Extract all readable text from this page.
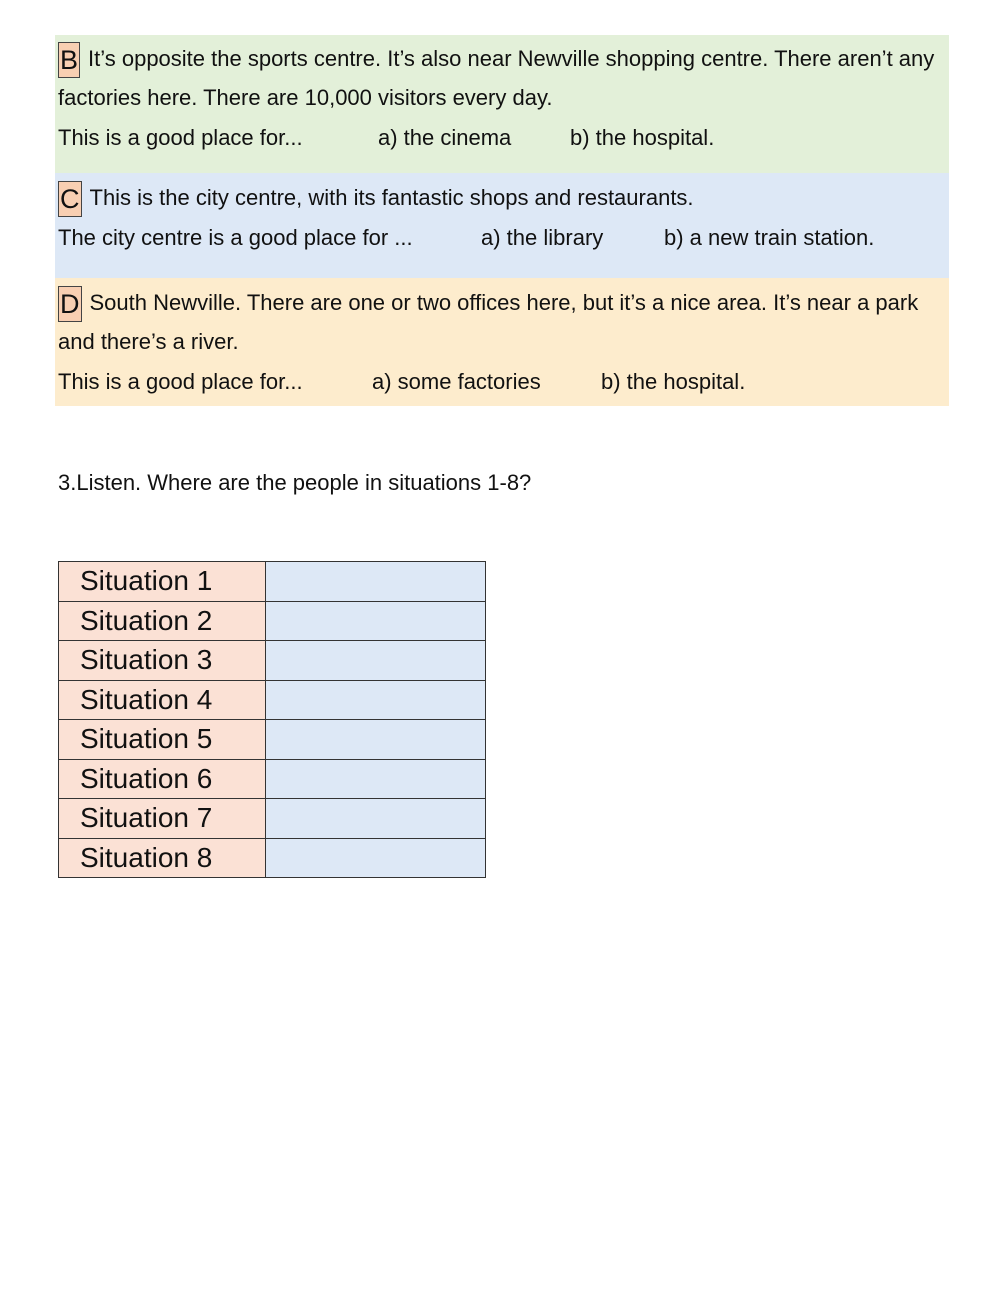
B It’s opposite the sports centre. It’s also near Newville shopping centre. There aren’t any factories here. There are 10,000 visitors every day.

This is a good place for...	a) the cinema	b) the hospital.

C This is the city centre, with its fantastic shops and restaurants.

The city centre is a good place for ...	a) the library	b) a new train station.

D South Newville. There are one or two offices here, but it’s a nice area. It’s near a park and there’s a river.

This is a good place for...	a) some factories	b) the hospital.

3.Listen. Where are the people in situations 1-8?

Situation 1	
Situation 2	
Situation 3	
Situation 4	
Situation 5	
Situation 6	
Situation 7	
Situation 8	
